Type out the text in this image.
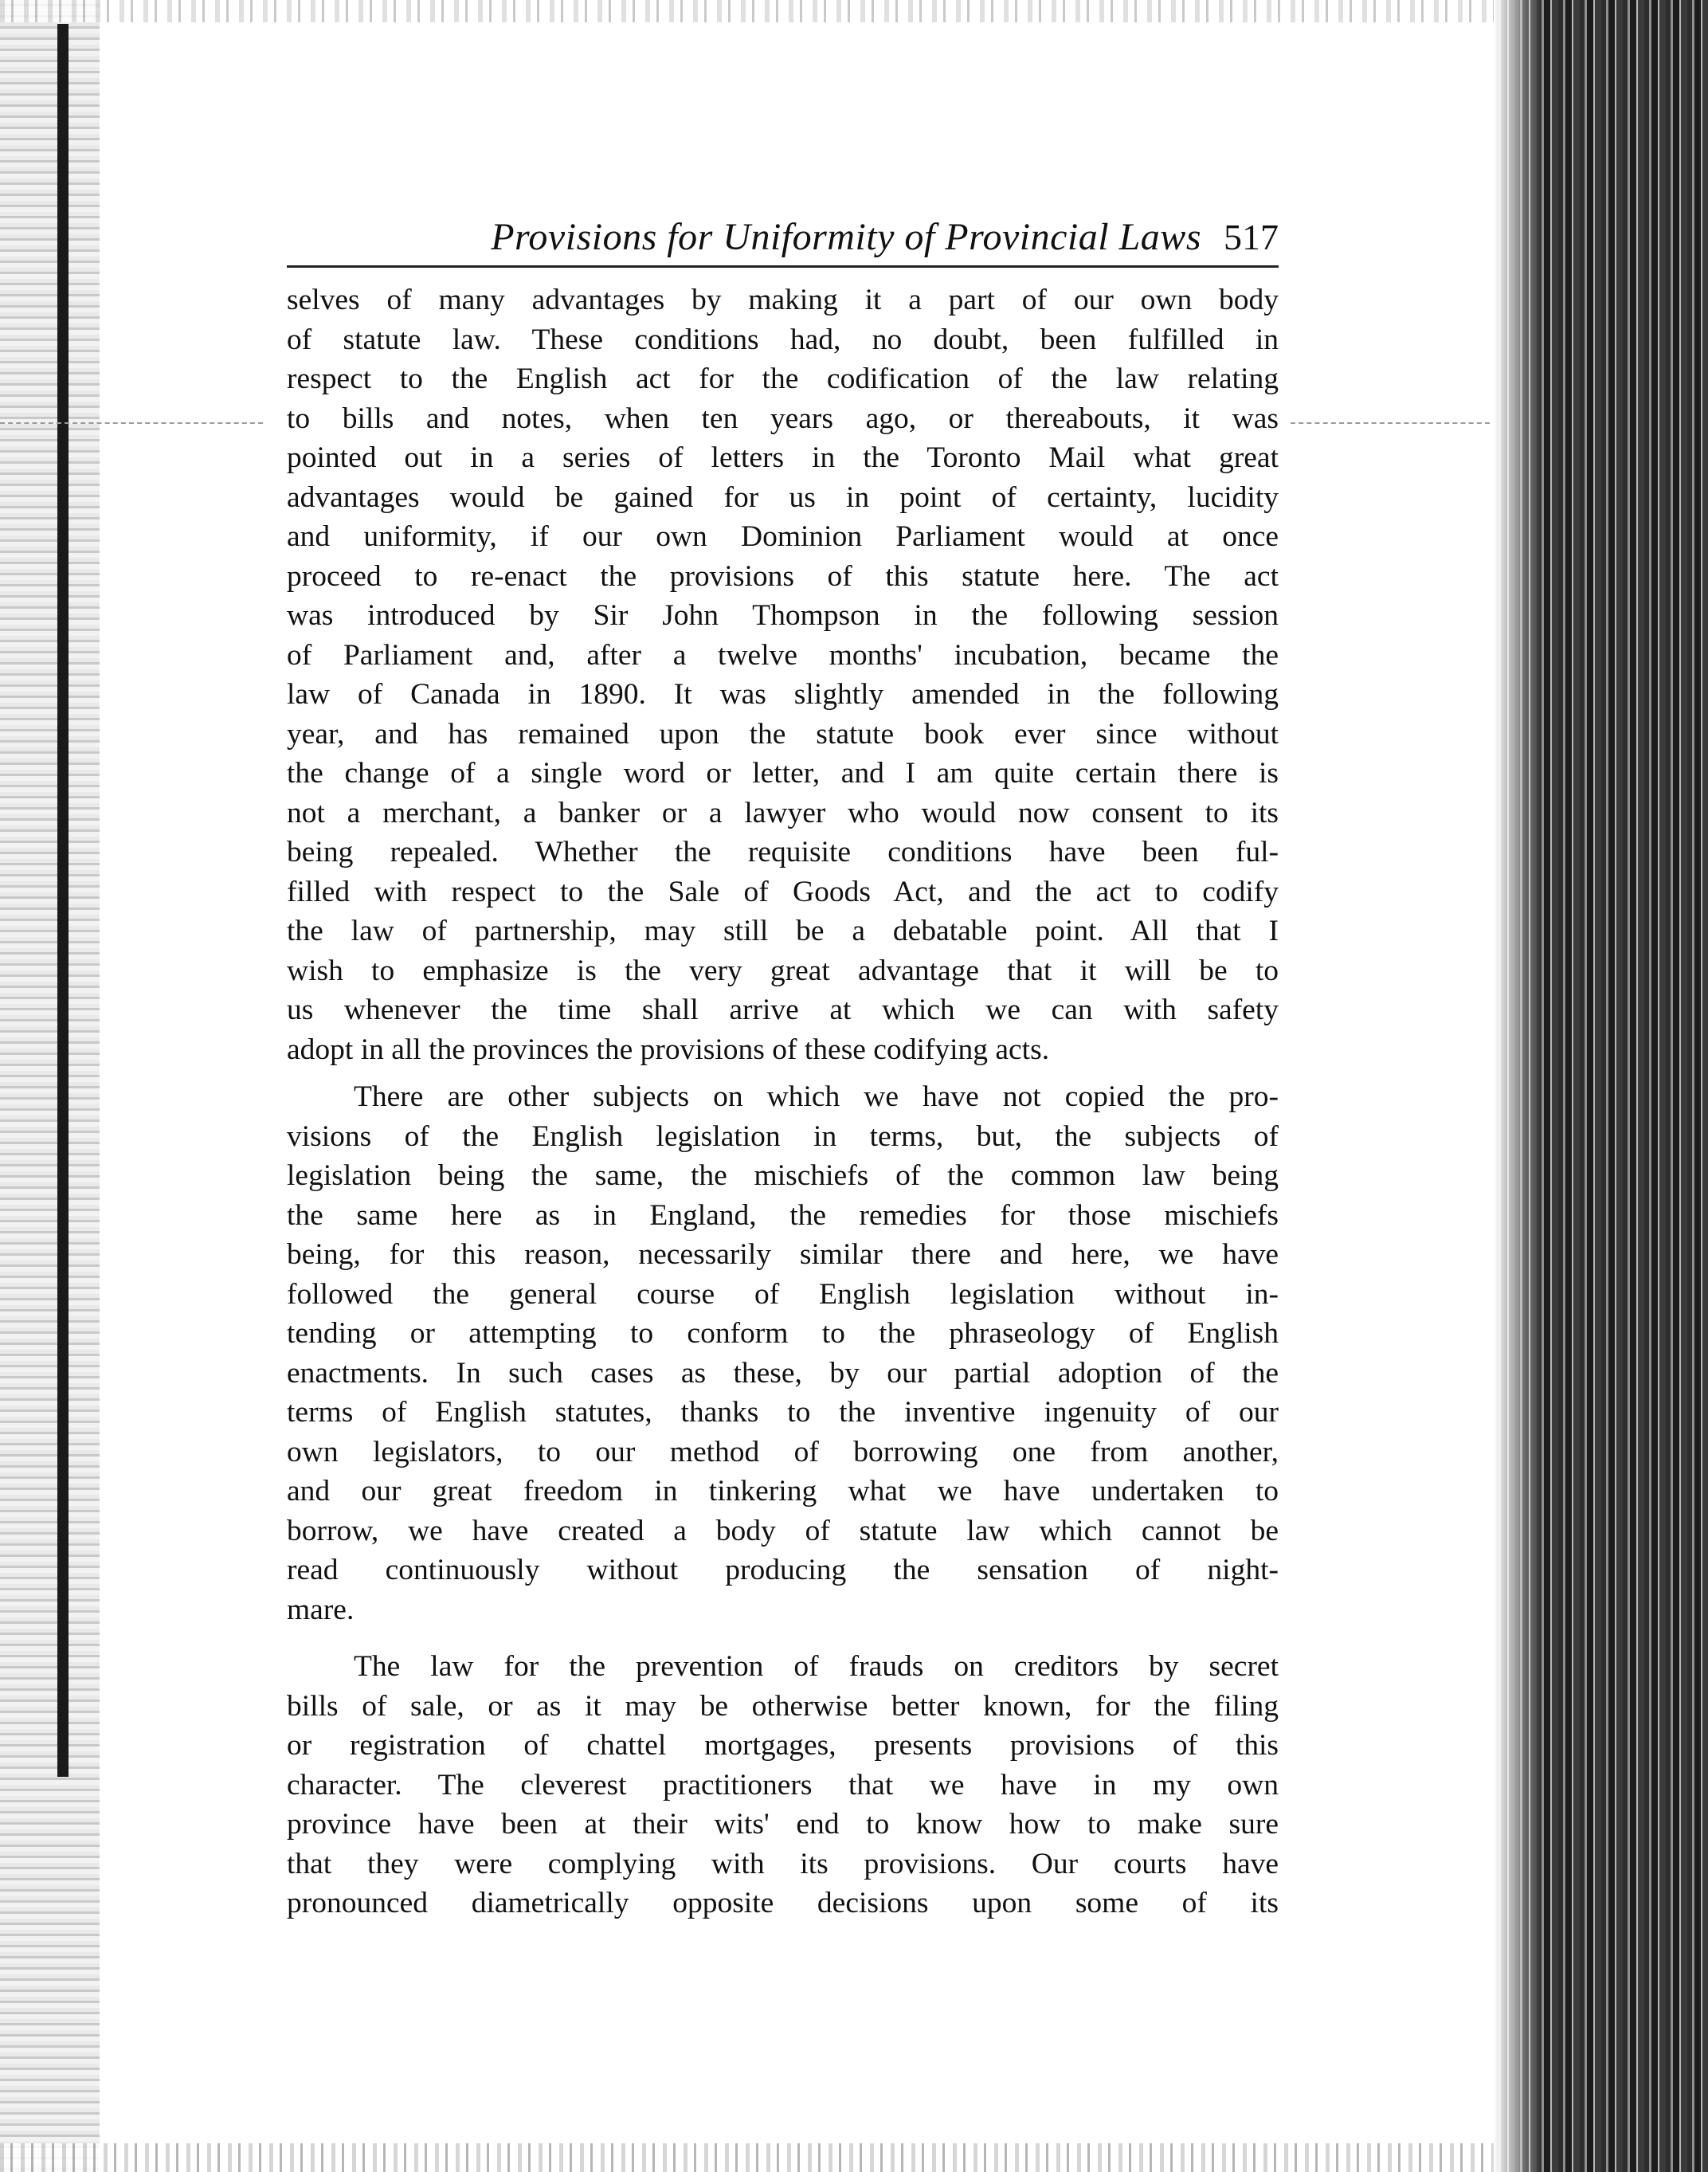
Provisions for Uniformity of Provincial Laws 517

selves of many advantages by making it a part of our own body
of statute law. These conditions had, no doubt, been fulfilled in
respect to the English act for the codification of the law relating
to bills and notes, when ten years ago, or thereabouts, it was
pointed out in a series of letters in the Toronto Mail what great
advantages would be gained for us in point of certainty, lucidity
and uniformity, if our own Dominion Parliament would at once
proceed to re-enact the provisions of this statute here. The act
was introduced by Sir John Thompson in the following session
of Parliament and, after a twelve months' incubation, became the
law of Canada in 1890. It was slightly amended in the following
year, and has remained upon the statute book ever since without
the change of a single word or letter, and I am quite certain there is
not a merchant, a banker or a lawyer who would now consent to its
being repealed. Whether the requisite conditions have been ful-
filled with respect to the Sale of Goods Act, and the act to codify
the law of partnership, may still be a debatable point. All that I
wish to emphasize is the very great advantage that it will be to
us whenever the time shall arrive at which we can with safety
adopt in all the provinces the provisions of these codifying acts.

There are other subjects on which we have not copied the pro-
visions of the English legislation in terms, but, the subjects of
legislation being the same, the mischiefs of the common law being
the same here as in England, the remedies for those mischiefs
being, for this reason, necessarily similar there and here, we have
followed the general course of English legislation without in-
tending or attempting to conform to the phraseology of English
enactments. In such cases as these, by our partial adoption of the
terms of English statutes, thanks to the inventive ingenuity of our
own legislators, to our method of borrowing one from another,
and our great freedom in tinkering what we have undertaken to
borrow, we have created a body of statute law which cannot be
read continuously without producing the sensation of night-
mare.

The law for the prevention of frauds on creditors by secret
bills of sale, or as it may be otherwise better known, for the filing
or registration of chattel mortgages, presents provisions of this
character. The cleverest practitioners that we have in my own
province have been at their wits' end to know how to make sure
that they were complying with its provisions. Our courts have
pronounced diametrically opposite decisions upon some of its
